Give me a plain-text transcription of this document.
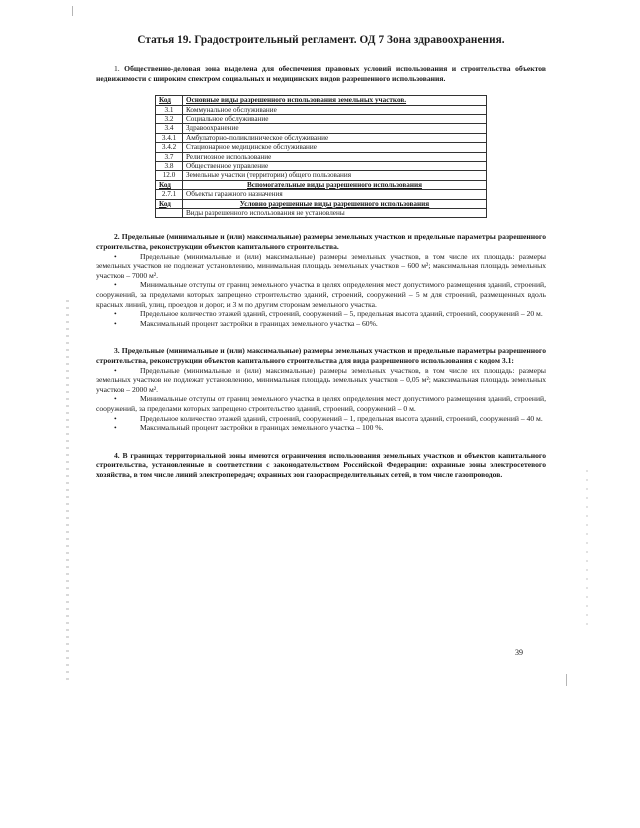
Статья 19. Градостроительный регламент. ОД 7 Зона здравоохранения.

1. Общественно-деловая зона выделена для обеспечения правовых условий использования и строительства объектов недвижимости с широким спектром социальных и медицинских видов разрешенного использования.

Код	Основные виды разрешенного использования земельных участков.
3.1	Коммунальное обслуживание
3.2	Социальное обслуживание
3.4	Здравоохранение
3.4.1	Амбулаторно-поликлиническое обслуживание
3.4.2	Стационарное медицинское обслуживание
3.7	Религиозное использование
3.8	Общественное управление
12.0	Земельные участки (территории) общего пользования
Код	Вспомогательные виды разрешенного использования
2.7.1	Объекты гаражного назначения
Код	Условно разрешенные виды разрешенного использования
	Виды разрешенного использования не установлены

2. Предельные (минимальные и (или) максимальные) размеры земельных участков и предельные параметры разрешенного строительства, реконструкции объектов капитального строительства.

•	Предельные (минимальные и (или) максимальные) размеры земельных участков, в том числе их площадь: размеры земельных участков не подлежат установлению, минимальная площадь земельных участков – 600 м²; максимальная площадь земельных участков – 7000 м².

•	Минимальные отступы от границ земельного участка в целях определения мест допустимого размещения зданий, строений, сооружений, за пределами которых запрещено строительство зданий, строений, сооружений – 5 м для строений, размещенных вдоль красных линий, улиц, проездов и дорог, и 3 м по другим сторонам земельного участка.

•	Предельное количество этажей зданий, строений, сооружений – 5, предельная высота зданий, строений, сооружений – 20 м.

•	Максимальный процент застройки в границах земельного участка – 60%.

3. Предельные (минимальные и (или) максимальные) размеры земельных участков и предельные параметры разрешенного строительства, реконструкции объектов капитального строительства для вида разрешенного использования с кодом 3.1:

•	Предельные (минимальные и (или) максимальные) размеры земельных участков, в том числе их площадь: размеры земельных участков не подлежат установлению, минимальная площадь земельных участков – 0,05 м²; максимальная площадь земельных участков – 2000 м².

•	Минимальные отступы от границ земельного участка в целях определения мест допустимого размещения зданий, строений, сооружений, за пределами которых запрещено строительство зданий, строений, сооружений – 0 м.

•	Предельное количество этажей зданий, строений, сооружений – 1, предельная высота зданий, строений, сооружений – 40 м.

•	Максимальный процент застройки в границах земельного участка – 100 %.

4. В границах территориальной зоны имеются ограничения использования земельных участков и объектов капитального строительства, установленные в соответствии с законодательством Российской Федерации: охранные зоны электросетевого хозяйства, в том числе линий электропередач; охранных зон газораспределительных сетей, в том числе газопроводов.

39
